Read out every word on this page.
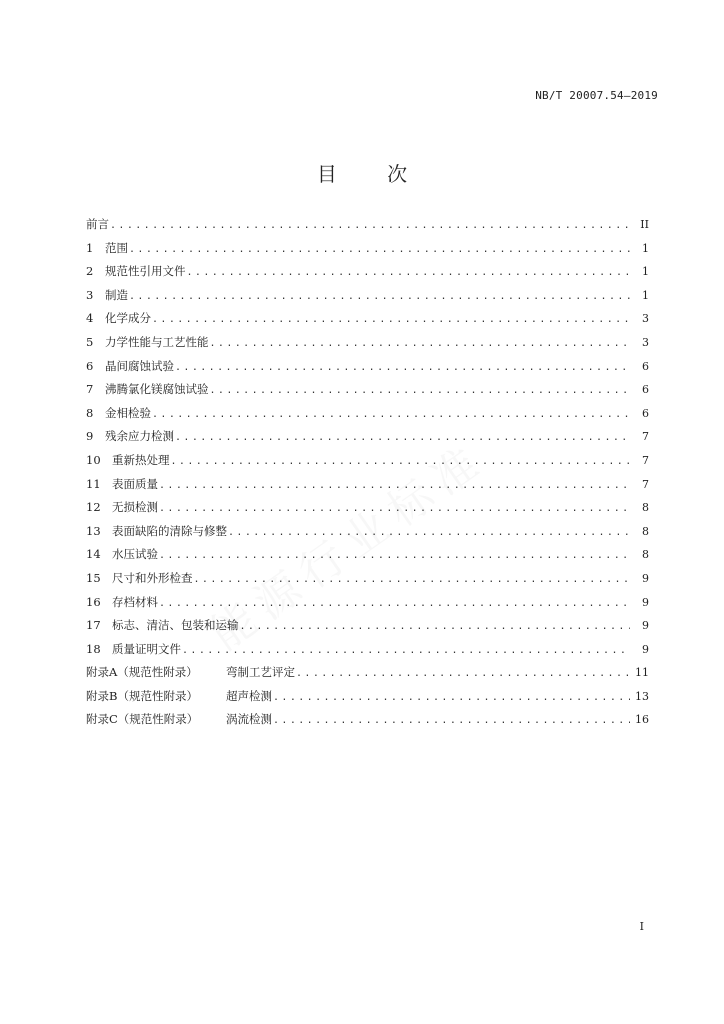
NB/T 20007.54—2019
目 次
能源行业标准
前言 .....	II
1 范围 .....	1
2 规范性引用文件 .....	1
3 制造 .....	1
4 化学成分 .....	3
5 力学性能与工艺性能 .....	3
6 晶间腐蚀试验 .....	6
7 沸腾氯化镁腐蚀试验 .....	6
8 金相检验 .....	6
9 残余应力检测 .....	7
10 重新热处理 .....	7
11 表面质量 .....	7
12 无损检测 .....	8
13 表面缺陷的清除与修整 .....	8
14 水压试验 .....	8
15 尺寸和外形检查 .....	9
16 存档材料 .....	9
17 标志、清洁、包装和运输 .....	9
18 质量证明文件 .....	9
附录A（规范性附录） 弯制工艺评定 .....	11
附录B（规范性附录） 超声检测 .....	13
附录C（规范性附录） 涡流检测 .....	16
I
